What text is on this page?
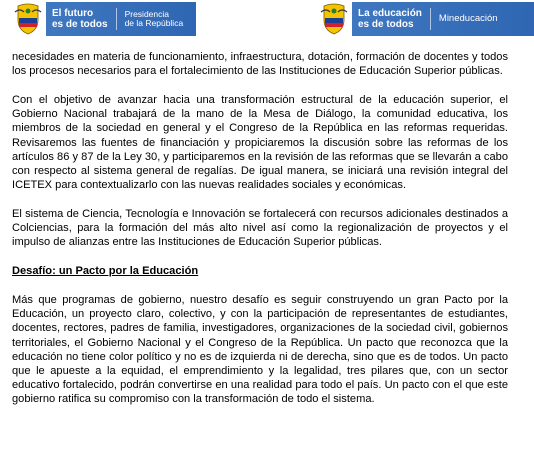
El futuro
es de todos
Presidencia
de la República
La educación
es de todos
Mineducación

necesidades en materia de funcionamiento, infraestructura, dotación, formación de docentes y todos los procesos necesarios para el fortalecimiento de las Instituciones de Educación Superior públicas.

Con el objetivo de avanzar hacia una transformación estructural de la educación superior, el Gobierno Nacional trabajará de la mano de la Mesa de Diálogo, la comunidad educativa, los miembros de la sociedad en general y el Congreso de la República en las reformas requeridas. Revisaremos las fuentes de financiación y propiciaremos la discusión sobre las reformas de los artículos 86 y 87 de la Ley 30, y participaremos en la revisión de las reformas que se llevarán a cabo con respecto al sistema general de regalías. De igual manera, se iniciará una revisión integral del ICETEX para contextualizarlo con las nuevas realidades sociales y económicas.

El sistema de Ciencia, Tecnología e Innovación se fortalecerá con recursos adicionales destinados a Colciencias, para la formación del más alto nivel así como la regionalización de proyectos y el impulso de alianzas entre las Instituciones de Educación Superior públicas.

Desafío: un Pacto por la Educación

Más que programas de gobierno, nuestro desafío es seguir construyendo un gran Pacto por la Educación, un proyecto claro, colectivo, y con la participación de representantes de estudiantes, docentes, rectores, padres de familia, investigadores, organizaciones de la sociedad civil, gobiernos territoriales, el Gobierno Nacional y el Congreso de la República. Un pacto que reconozca que la educación no tiene color político y no es de izquierda ni de derecha, sino que es de todos. Un pacto que le apueste a la equidad, el emprendimiento y la legalidad, tres pilares que, con un sector educativo fortalecido, podrán convertirse en una realidad para todo el país. Un pacto con el que este gobierno ratifica su compromiso con la transformación de todo el sistema.
